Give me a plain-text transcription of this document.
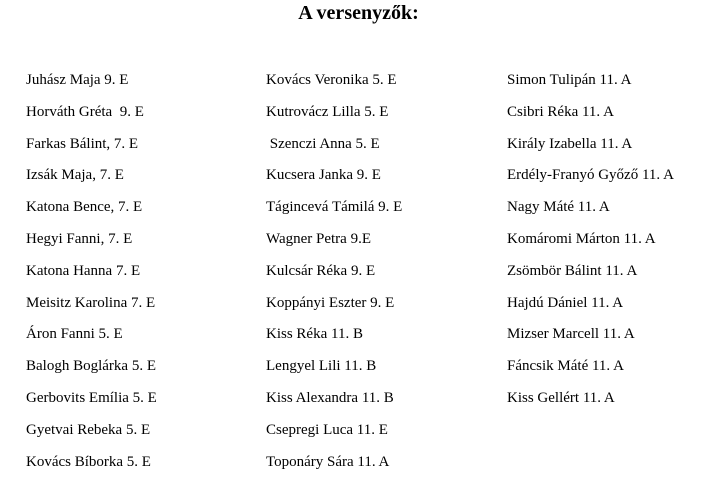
A versenyzők:
Juhász Maja 9. E
Horváth Gréta  9. E
Farkas Bálint, 7. E
Izsák Maja, 7. E
Katona Bence, 7. E
Hegyi Fanni, 7. E
Katona Hanna 7. E
Meisitz Karolina 7. E
Áron Fanni 5. E
Balogh Boglárka 5. E
Gerbovits Emília 5. E
Gyetvai Rebeka 5. E
Kovács Bíborka 5. E
Kovács Veronika 5. E
Kutrovácz Lilla 5. E
Szenczi Anna 5. E
Kucsera Janka 9. E
Tágincevá Támilá 9. E
Wagner Petra 9.E
Kulcsár Réka 9. E
Koppányi Eszter 9. E
Kiss Réka 11. B
Lengyel Lili 11. B
Kiss Alexandra 11. B
Csepregi Luca 11. E
Toponáry Sára 11. A
Simon Tulipán 11. A
Csibri Réka 11. A
Király Izabella 11. A
Erdély-Franyó Győző 11. A
Nagy Máté 11. A
Komáromi Márton 11. A
Zsömbör Bálint 11. A
Hajdú Dániel 11. A
Mizser Marcell 11. A
Fáncsik Máté 11. A
Kiss Gellért 11. A
